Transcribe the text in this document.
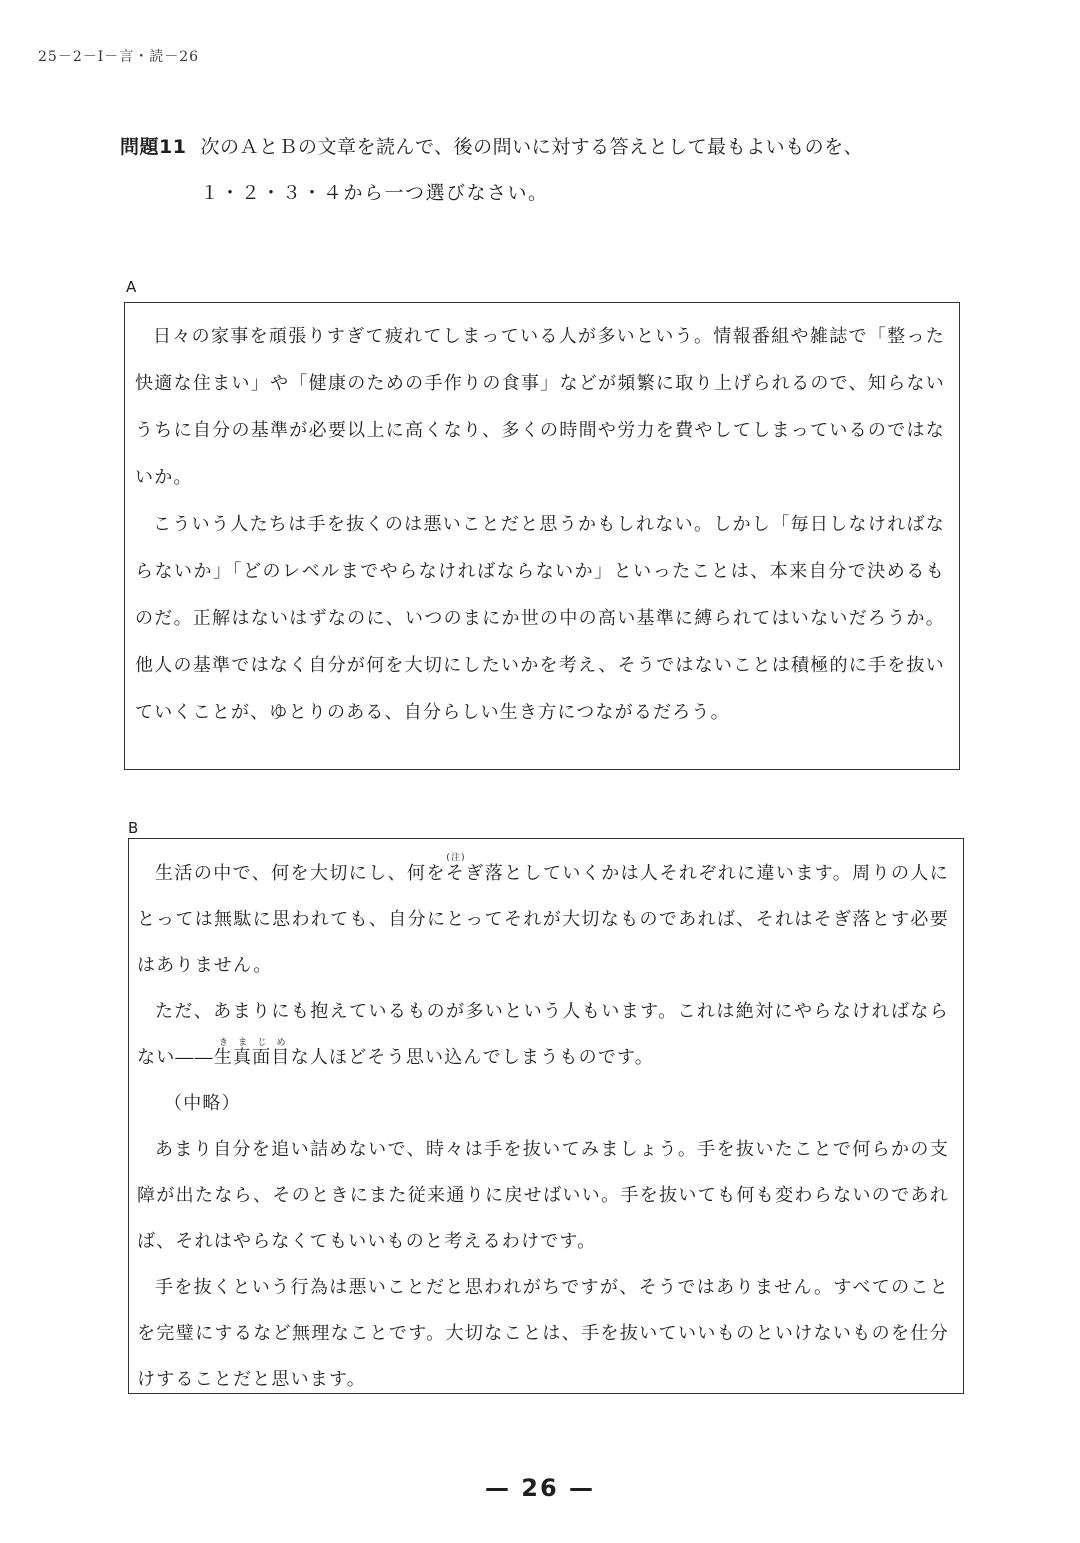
25－2－Ⅰ－言・読－26
問題11 次のＡとＢの文章を読んで、後の問いに対する答えとして最もよいものを、
１・２・３・４から一つ選びなさい。
A

日々の家事を頑張りすぎて疲れてしまっている人が多いという。情報番組や雑誌で「整った快適な住まい」や「健康のための手作りの食事」などが頻繁に取り上げられるので、知らないうちに自分の基準が必要以上に高くなり、多くの時間や労力を費やしてしまっているのではないか。

こういう人たちは手を抜くのは悪いことだと思うかもしれない。しかし「毎日しなければならないか」「どのレベルまでやらなければならないか」といったことは、本来自分で決めるものだ。正解はないはずなのに、いつのまにか世の中の高い基準に縛られてはいないだろうか。他人の基準ではなく自分が何を大切にしたいかを考え、そうではないことは積極的に手を抜いていくことが、ゆとりのある、自分らしい生き方につながるだろう。

B

生活の中で、何を大切にし、何をそ(注)ぎ落としていくかは人それぞれに違います。周りの人にとっては無駄に思われても、自分にとってそれが大切なものであれば、それはそぎ落とす必要はありません。

ただ、あまりにも抱えているものが多いという人もいます。これは絶対にやらなければならない――生真面目きまじめな人ほどそう思い込んでしまうものです。

（中略）

あまり自分を追い詰めないで、時々は手を抜いてみましょう。手を抜いたことで何らかの支障が出たなら、そのときにまた従来通りに戻せばいい。手を抜いても何も変わらないのであれば、それはやらなくてもいいものと考えるわけです。

手を抜くという行為は悪いことだと思われがちですが、そうではありません。すべてのことを完璧にするなど無理なことです。大切なことは、手を抜いていいものといけないものを仕分けすることだと思います。

— 26 —
